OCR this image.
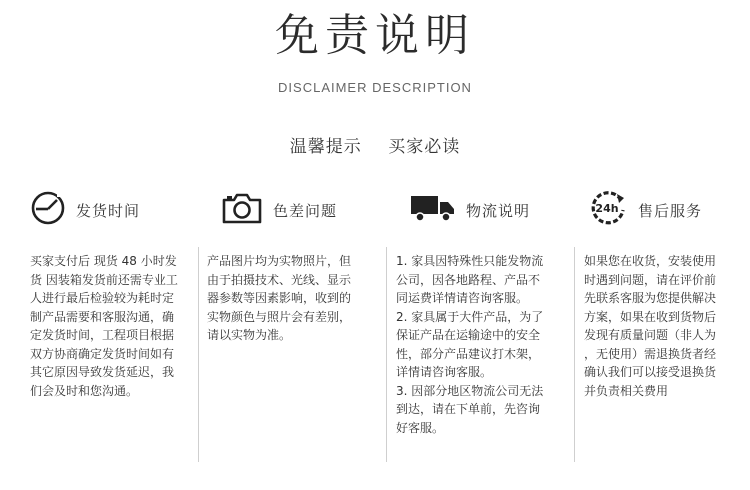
免责说明
DISCLAIMER DESCRIPTION
温馨提示 买家必读
发货时间
买家支付后 现货 48 小时发
货 因装箱发货前还需专业工
人进行最后检验较为耗时定
制产品需要和客服沟通，确
定发货时间，工程项目根据
双方协商确定发货时间如有
其它原因导致发货延迟，我
们会及时和您沟通。
色差问题
产品图片均为实物照片，但
由于拍摄技术、光线、显示
器参数等因素影响，收到的
实物颜色与照片会有差别，
请以实物为准。
物流说明
1. 家具因特殊性只能发物流
公司，因各地路程、产品不
同运费详情请咨询客服。
2. 家具属于大件产品，为了
保证产品在运输途中的安全
性，部分产品建议打木架，
详情请咨询客服。
3. 因部分地区物流公司无法
到达，请在下单前，先咨询
好客服。
24h 售后服务
如果您在收货，安装使用
时遇到问题，请在评价前
先联系客服为您提供解决
方案，如果在收到货物后
发现有质量问题（非人为
，无使用）需退换货者经
确认我们可以接受退换货
并负责相关费用
